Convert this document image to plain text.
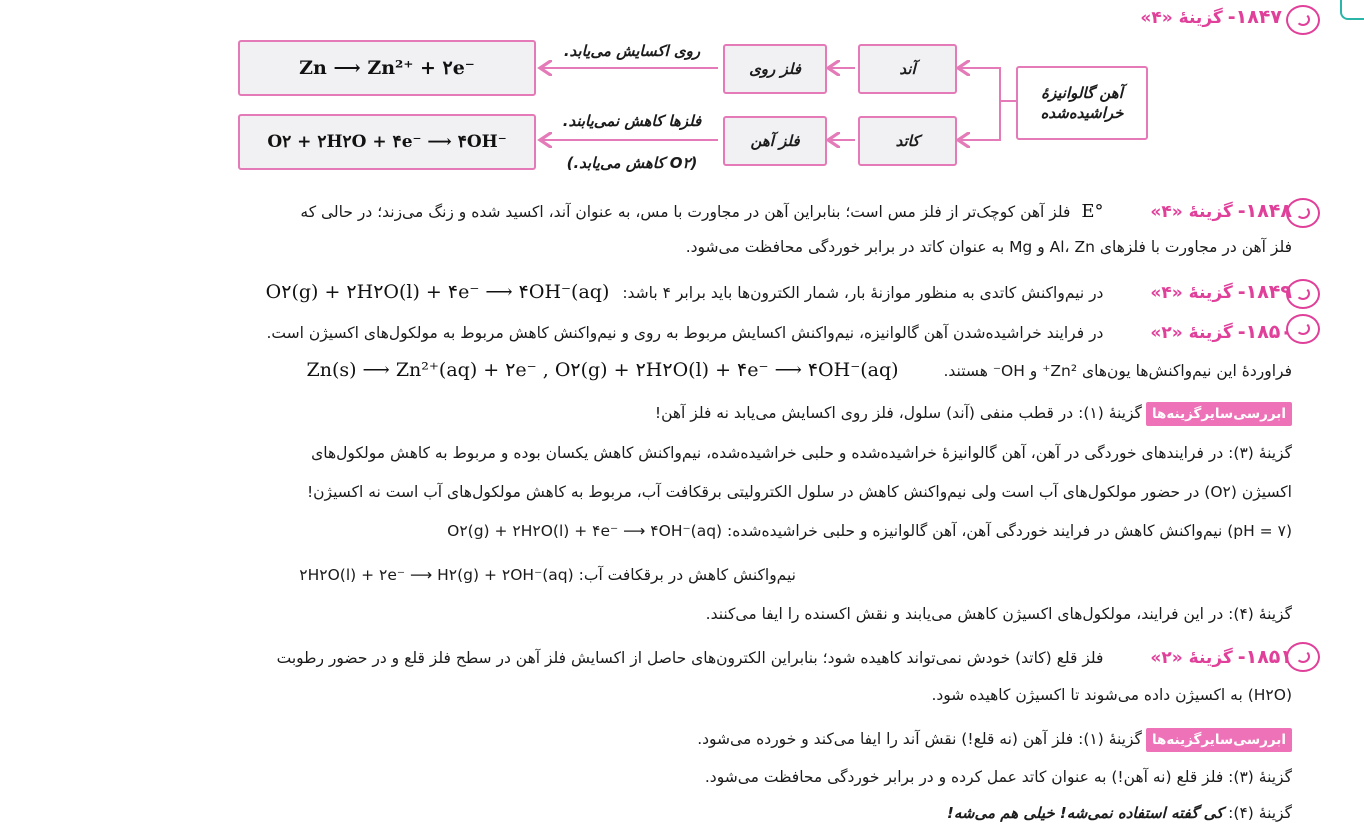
۱۸۴۷- گزینهٔ «۴»
آهن گالوانیزهٔ خراشیده‌شده
آند
کاتد
فلز روی
فلز آهن
روی اکسایش می‌یابد.
فلزها کاهش نمی‌یابند.
(O۲ کاهش می‌یابد.)
Zn ⟶ Zn²⁺ + ۲e⁻
O۲ + ۲H۲O + ۴e⁻ ⟶ ۴OH⁻
۱۸۴۸- گزینهٔ «۴» E° فلز آهن کوچک‌تر از فلز مس است؛ بنابراین آهن در مجاورت با مس، به عنوان آند، اکسید شده و زنگ می‌زند؛ در حالی که
فلز آهن در مجاورت با فلزهای Al، Zn و Mg به عنوان کاتد در برابر خوردگی محافظت می‌شود.
۱۸۴۹- گزینهٔ «۴» در نیم‌واکنش کاتدی به منظور موازنهٔ بار، شمار الکترون‌ها باید برابر ۴ باشد: O۲(g) + ۲H۲O(l) + ۴e⁻ ⟶ ۴OH⁻(aq)
۱۸۵۰- گزینهٔ «۲» در فرایند خراشیده‌شدن آهن گالوانیزه، نیم‌واکنش اکسایش مربوط به روی و نیم‌واکنش کاهش مربوط به مولکول‌های اکسیژن است.
فراوردهٔ این نیم‌واکنش‌ها یون‌های Zn²⁺ و OH⁻ هستند. Zn(s) ⟶ Zn²⁺(aq) + ۲e⁻ , O۲(g) + ۲H۲O(l) + ۴e⁻ ⟶ ۴OH⁻(aq)
ابررسی‌سایرگزینه‌هاگزینهٔ (۱): در قطب منفی (آند) سلول، فلز روی اکسایش می‌یابد نه فلز آهن!
گزینهٔ (۳): در فرایندهای خوردگی در آهن، آهن گالوانیزهٔ خراشیده‌شده و حلبی خراشیده‌شده، نیم‌واکنش کاهش یکسان بوده و مربوط به کاهش مولکول‌های
اکسیژن (O۲) در حضور مولکول‌های آب است ولی نیم‌واکنش کاهش در سلول الکترولیتی برقکافت آب، مربوط به کاهش مولکول‌های آب است نه اکسیژن!
(pH = ۷) نیم‌واکنش کاهش در فرایند خوردگی آهن، آهن گالوانیزه و حلبی خراشیده‌شده: O۲(g) + ۲H۲O(l) + ۴e⁻ ⟶ ۴OH⁻(aq)
نیم‌واکنش کاهش در برقکافت آب: ۲H۲O(l) + ۲e⁻ ⟶ H۲(g) + ۲OH⁻(aq)
گزینهٔ (۴): در این فرایند، مولکول‌های اکسیژن کاهش می‌یابند و نقش اکسنده را ایفا می‌کنند.
۱۸۵۱- گزینهٔ «۲» فلز قلع (کاتد) خودش نمی‌تواند کاهیده شود؛ بنابراین الکترون‌های حاصل از اکسایش فلز آهن در سطح فلز قلع و در حضور رطوبت
(H۲O) به اکسیژن داده می‌شوند تا اکسیژن کاهیده شود.
ابررسی‌سایرگزینه‌هاگزینهٔ (۱): فلز آهن (نه قلع!) نقش آند را ایفا می‌کند و خورده می‌شود.
گزینهٔ (۳): فلز قلع (نه آهن!) به عنوان کاتد عمل کرده و در برابر خوردگی محافظت می‌شود.
گزینهٔ (۴): کی گفته استفاده نمی‌شه! خیلی هم می‌شه!
